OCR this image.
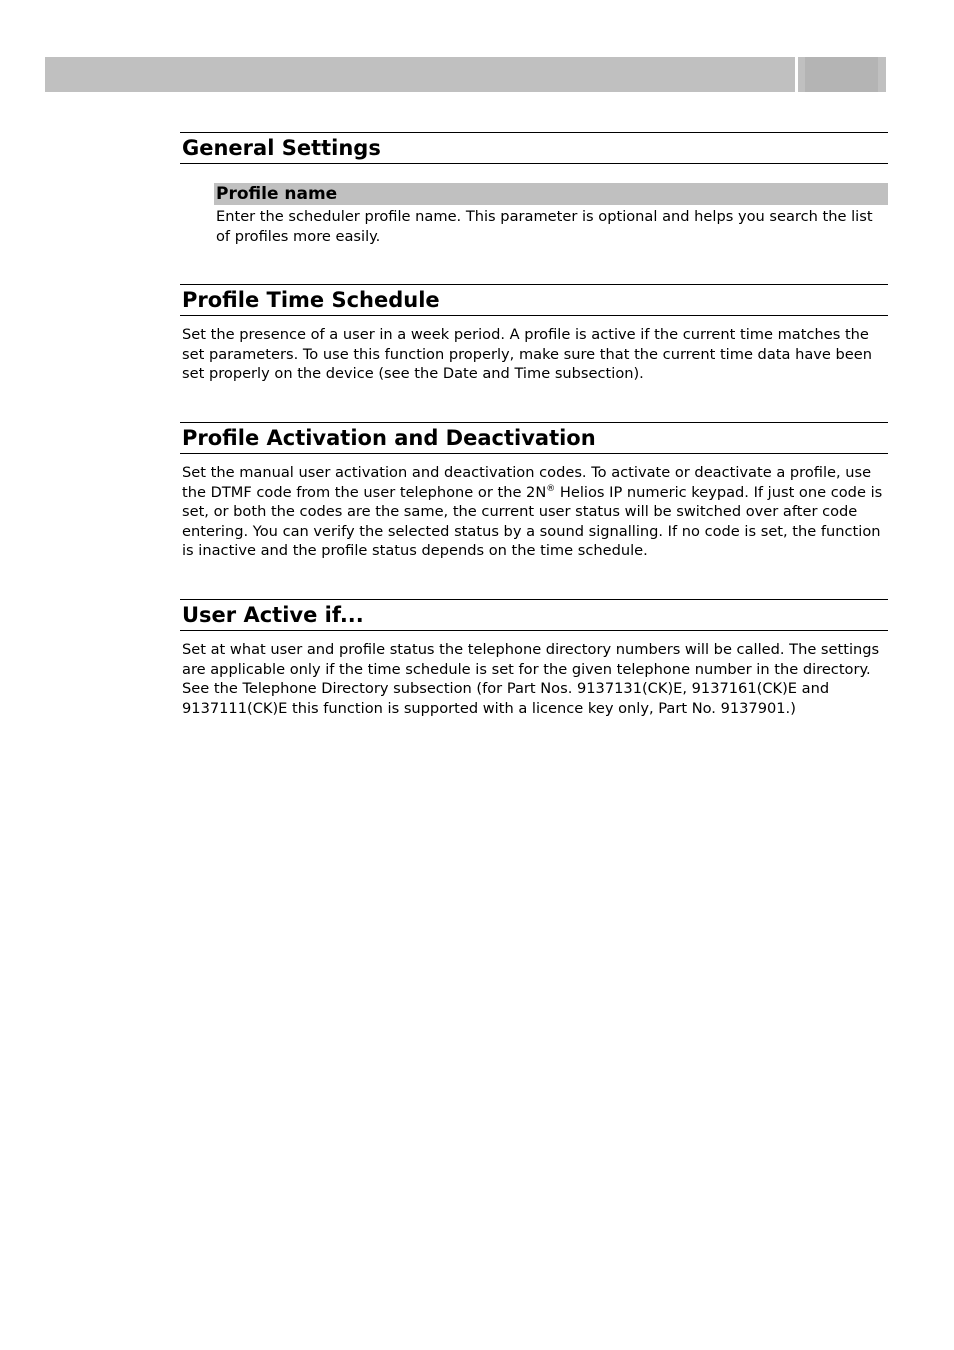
General Settings
Profile name

Enter the scheduler profile name. This parameter is optional and helps you search the list of profiles more easily.

Profile Time Schedule

Set the presence of a user in a week period. A profile is active if the current time matches the set parameters. To use this function properly, make sure that the current time data have been set properly on the device (see the Date and Time subsection).

Profile Activation and Deactivation

Set the manual user activation and deactivation codes. To activate or deactivate a profile, use the DTMF code from the user telephone or the 2N® Helios IP numeric keypad. If just one code is set, or both the codes are the same, the current user status will be switched over after code entering. You can verify the selected status by a sound signalling. If no code is set, the function is inactive and the profile status depends on the time schedule.

User Active if...

Set at what user and profile status the telephone directory numbers will be called. The settings are applicable only if the time schedule is set for the given telephone number in the directory. See the Telephone Directory subsection (for Part Nos. 9137131(CK)E, 9137161(CK)E and 9137111(CK)E this function is supported with a licence key only, Part No. 9137901.)
